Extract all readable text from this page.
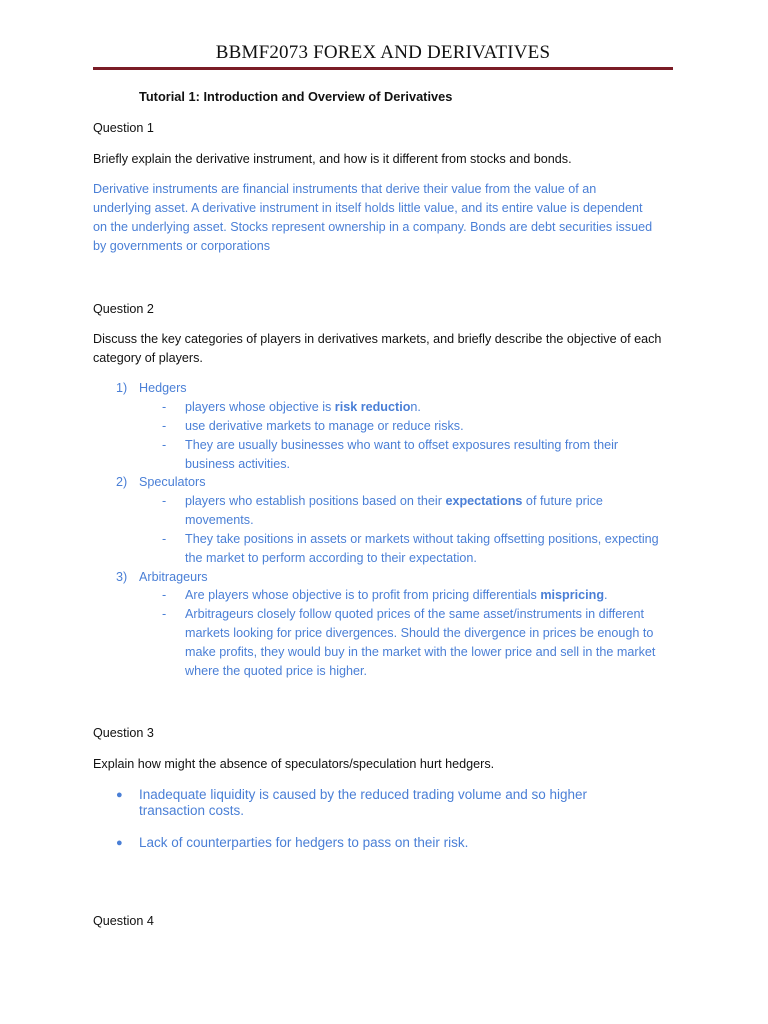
BBMF2073 FOREX AND DERIVATIVES
Tutorial 1: Introduction and Overview of Derivatives
Question 1
Briefly explain the derivative instrument, and how is it different from stocks and bonds.
Derivative instruments are financial instruments that derive their value from the value of an
underlying asset. A derivative instrument in itself holds little value, and its entire value is dependent
on the underlying asset. Stocks represent ownership in a company. Bonds are debt securities issued
by governments or corporations
Question 2
Discuss the key categories of players in derivatives markets, and briefly describe the objective of each
category of players.
1) Hedgers
- players whose objective is risk reduction.
- use derivative markets to manage or reduce risks.
- They are usually businesses who want to offset exposures resulting from their business activities.
2) Speculators
- players who establish positions based on their expectations of future price movements.
- They take positions in assets or markets without taking offsetting positions, expecting the market to perform according to their expectation.
3) Arbitrageurs
- Are players whose objective is to profit from pricing differentials mispricing.
- Arbitrageurs closely follow quoted prices of the same asset/instruments in different markets looking for price divergences. Should the divergence in prices be enough to make profits, they would buy in the market with the lower price and sell in the market where the quoted price is higher.
Question 3
Explain how might the absence of speculators/speculation hurt hedgers.
● Inadequate liquidity is caused by the reduced trading volume and so higher transaction costs.
● Lack of counterparties for hedgers to pass on their risk.
Question 4
